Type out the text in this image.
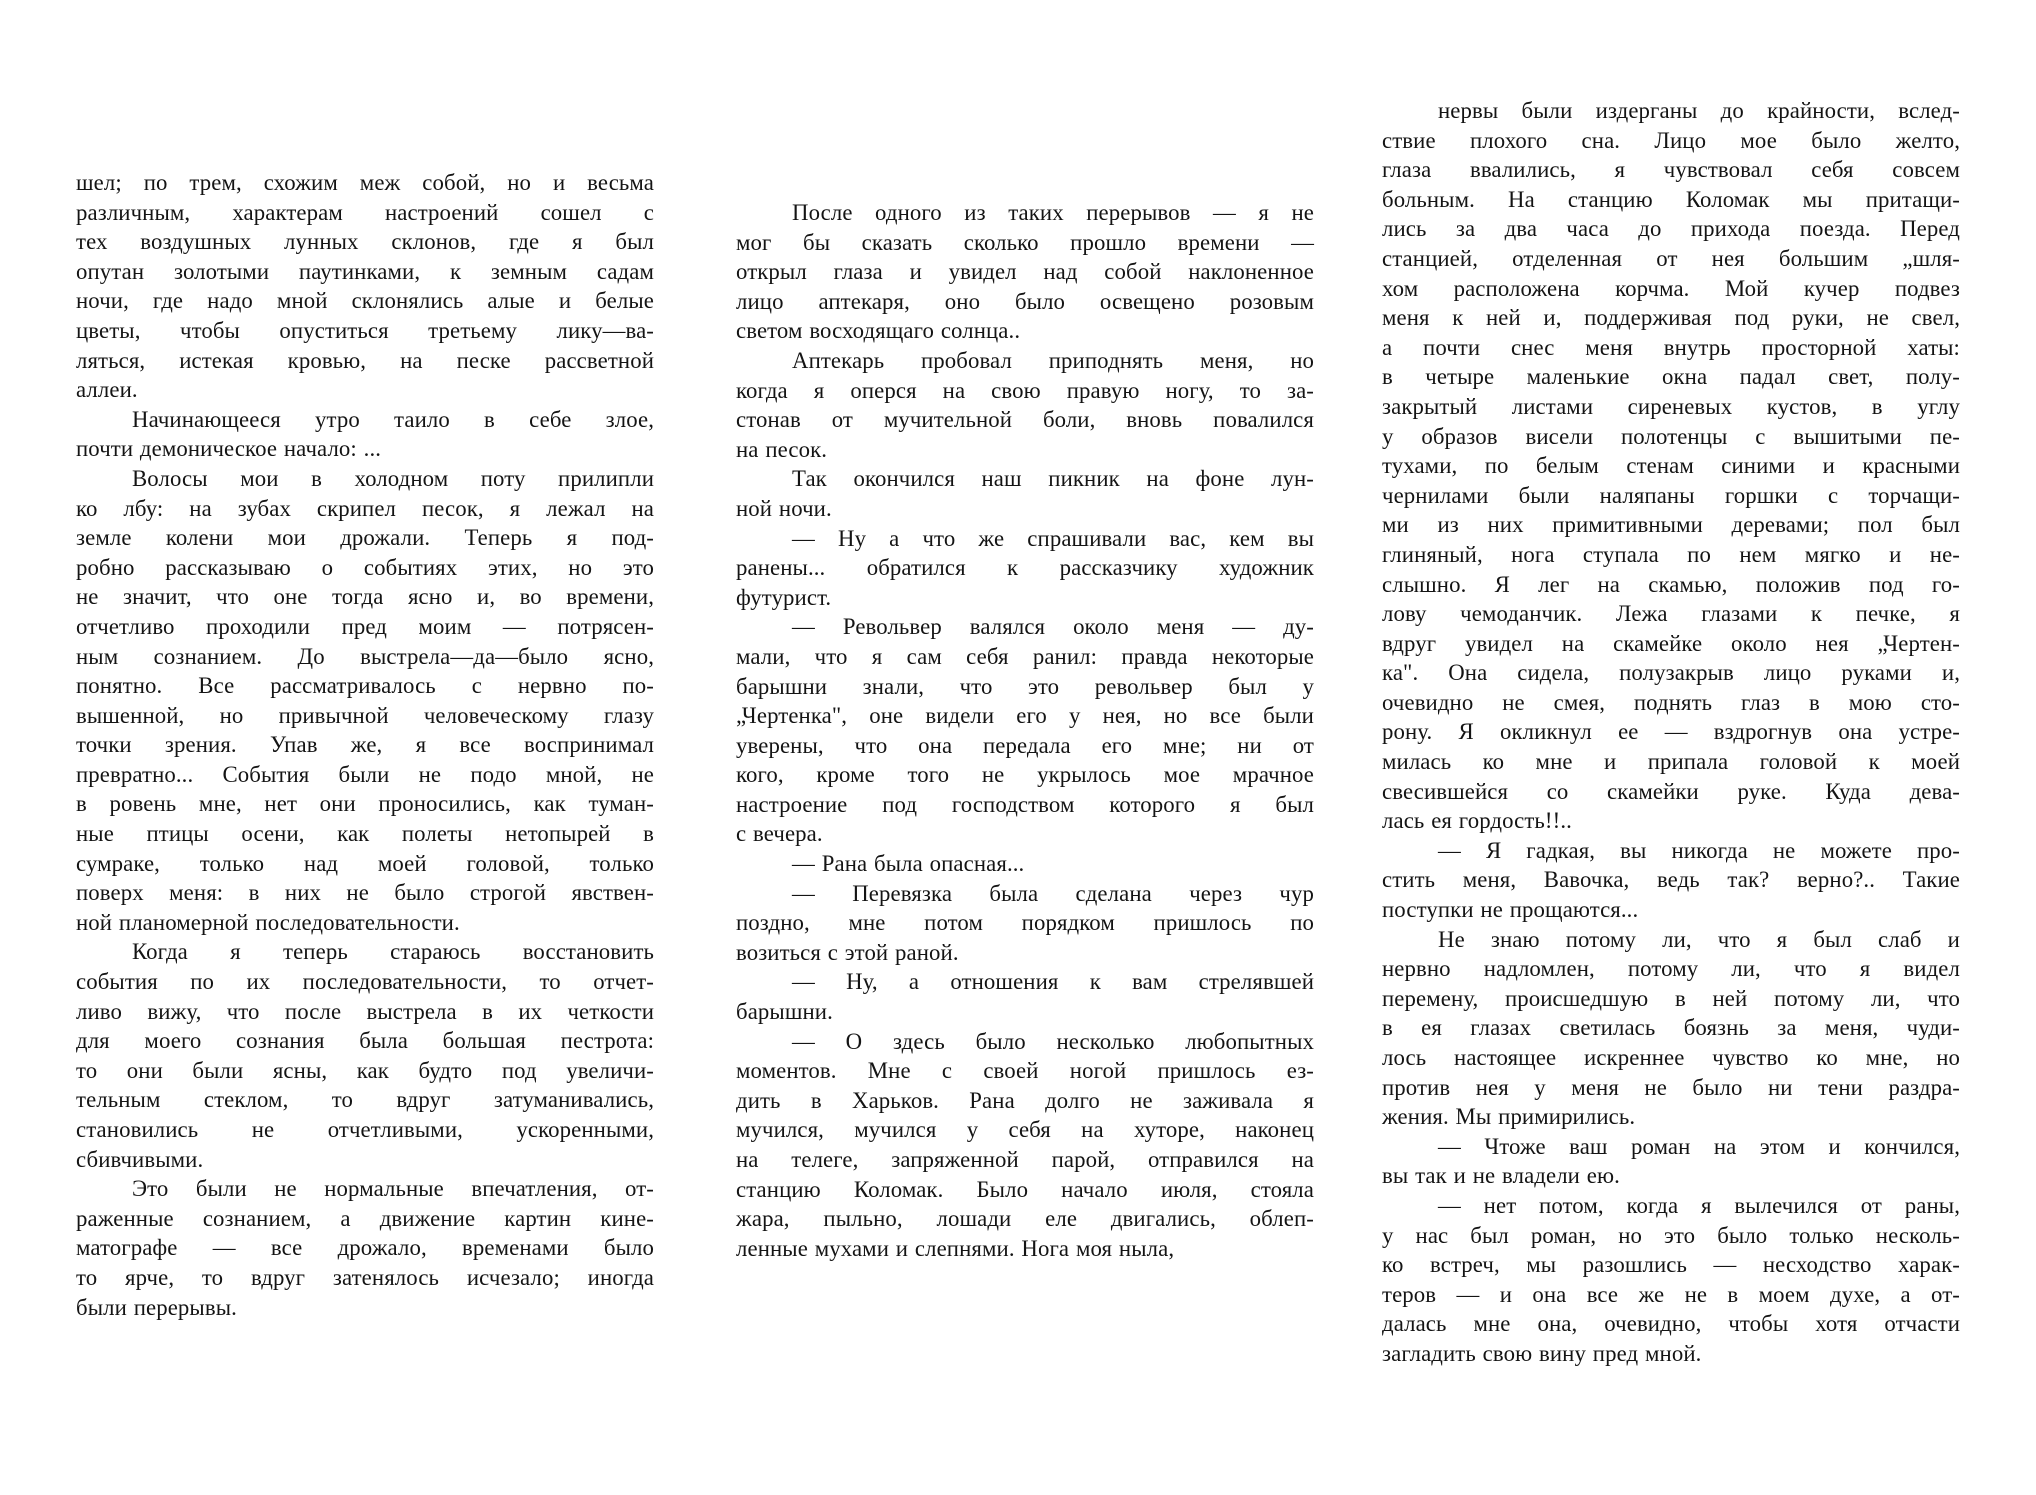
шел; по трем, схожим меж собой, но и весьма
различным, характерам настроений сошел с
тех воздушных лунных склонов, где я был
опутан золотыми паутинками, к земным садам
ночи, где надо мной склонялись алые и белые
цветы, чтобы опуститься третьему лику—ва-
ляться, истекая кровью, на песке рассветной
аллеи.

Начинающееся утро таило в себе злое,
почти демоническое начало: ...

Волосы мои в холодном поту прилипли
ко лбу: на зубах скрипел песок, я лежал на
земле колени мои дрожали. Теперь я под-
робно рассказываю о событиях этих, но это
не значит, что оне тогда ясно и, во времени,
отчетливо проходили пред моим — потрясен-
ным сознанием. До выстрела—да—было ясно,
понятно. Все рассматривалось с нервно по-
вышенной, но привычной человеческому глазу
точки зрения. Упав же, я все воспринимал
превратно... События были не подо мной, не
в ровень мне, нет они проносились, как туман-
ные птицы осени, как полеты нетопырей в
сумраке, только над моей головой, только
поверх меня: в них не было строгой явствен-
ной планомерной последовательности.

Когда я теперь стараюсь восстановить
события по их последовательности, то отчет-
ливо вижу, что после выстрела в их четкости
для моего сознания была большая пестрота:
то они были ясны, как будто под увеличи-
тельным стеклом, то вдруг затуманивались,
становились не отчетливыми, ускоренными,
сбивчивыми.

Это были не нормальные впечатления, от-
раженные сознанием, а движение картин кине-
матографе — все дрожало, временами было
то ярче, то вдруг затенялось исчезало; иногда
были перерывы.

После одного из таких перерывов — я не
мог бы сказать сколько прошло времени —
открыл глаза и увидел над собой наклоненное
лицо аптекаря, оно было освещено розовым
светом восходящаго солнца..

Аптекарь пробовал приподнять меня, но
когда я оперся на свою правую ногу, то за-
стонав от мучительной боли, вновь повалился
на песок.

Так окончился наш пикник на фоне лун-
ной ночи.

— Ну а что же спрашивали вас, кем вы
ранены... обратился к рассказчику художник
футурист.

— Револьвер валялся около меня — ду-
мали, что я сам себя ранил: правда некоторые
барышни знали, что это револьвер был у
„Чертенка", оне видели его у нея, но все были
уверены, что она передала его мне; ни от
кого, кроме того не укрылось мое мрачное
настроение под господством которого я был
с вечера.

— Рана была опасная...

— Перевязка была сделана через чур
поздно, мне потом порядком пришлось по
возиться с этой раной.

— Ну, а отношения к вам стрелявшей
барышни.

— О здесь было несколько любопытных
моментов. Мне с своей ногой пришлось ез-
дить в Харьков. Рана долго не заживала я
мучился, мучился у себя на хуторе, наконец
на телеге, запряженной парой, отправился на
станцию Коломак. Было начало июля, стояла
жара, пыльно, лошади еле двигались, облеп-
ленные мухами и слепнями. Нога моя ныла,

нервы были издерганы до крайности, вслед-
ствие плохого сна. Лицо мое было желто,
глаза ввалились, я чувствовал себя совсем
больным. На станцию Коломак мы притащи-
лись за два часа до прихода поезда. Перед
станцией, отделенная от нея большим „шля-
хом расположена корчма. Мой кучер подвез
меня к ней и, поддерживая под руки, не свел,
а почти снес меня внутрь просторной хаты:
в четыре маленькие окна падал свет, полу-
закрытый листами сиреневых кустов, в углу
у образов висели полотенцы с вышитыми пе-
тухами, по белым стенам синими и красными
чернилами были наляпаны горшки с торчащи-
ми из них примитивными деревами; пол был
глиняный, нога ступала по нем мягко и не-
слышно. Я лег на скамью, положив под го-
лову чемоданчик. Лежа глазами к печке, я
вдруг увидел на скамейке около нея „Чертен-
ка". Она сидела, полузакрыв лицо руками и,
очевидно не смея, поднять глаз в мою сто-
рону. Я окликнул ее — вздрогнув она устре-
милась ко мне и припала головой к моей
свесившейся со скамейки руке. Куда дева-
лась ея гордость!!..

— Я гадкая, вы никогда не можете про-
стить меня, Вавочка, ведь так? верно?.. Такие
поступки не прощаются...

Не знаю потому ли, что я был слаб и
нервно надломлен, потому ли, что я видел
перемену, происшедшую в ней потому ли, что
в ея глазах светилась боязнь за меня, чуди-
лось настоящее искреннее чувство ко мне, но
против нея у меня не было ни тени раздра-
жения. Мы примирились.

— Чтоже ваш роман на этом и кончился,
вы так и не владели ею.

— нет потом, когда я вылечился от раны,
у нас был роман, но это было только несколь-
ко встреч, мы разошлись — несходство харак-
теров — и она все же не в моем духе, а от-
далась мне она, очевидно, чтобы хотя отчасти
загладить свою вину пред мной.
